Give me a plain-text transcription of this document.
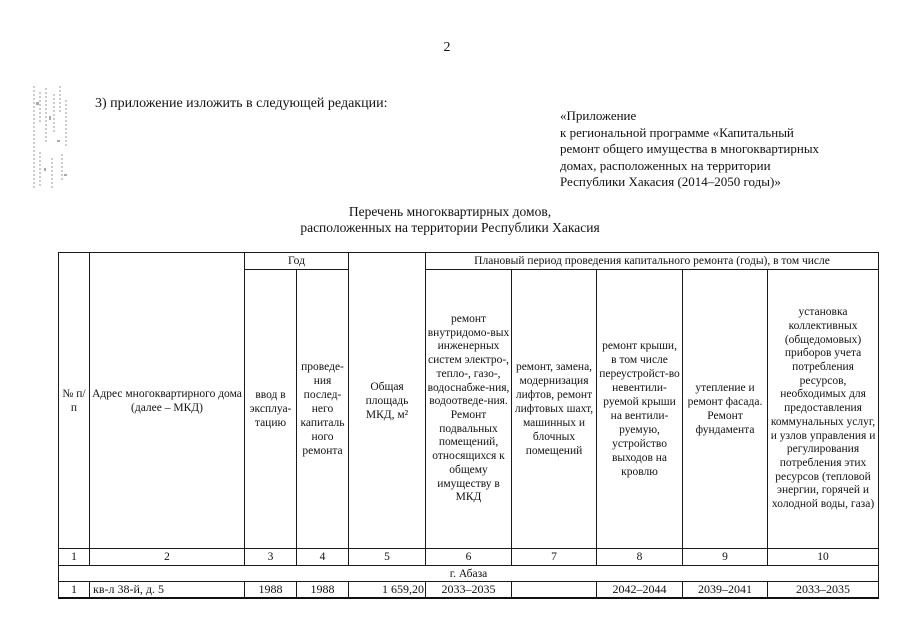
2
3) приложение изложить в следующей редакции:
«Приложение
к региональной программе «Капитальный
ремонт общего имущества в многоквартирных
домах, расположенных на территории
Республики Хакасия (2014–2050 годы)»
Перечень многоквартирных домов,
расположенных на территории Республики Хакасия
№ п/п	Адрес многоквартирного дома (далее – МКД)	Год		Общая площадь МКД, м²	Плановый период проведения капитального ремонта (годы), в том числе				
		ввод в эксплуа-тацию	проведе-ния послед-него капиталь ного ремонта		ремонт внутридомо-вых инженерных систем электро-, тепло-, газо-, водоснабже-ния, водоотведе-ния. Ремонт подвальных помещений, относящихся к общему имуществу в МКД	ремонт, замена, модернизация лифтов, ремонт лифтовых шахт, машинных и блочных помещений	ремонт крыши, в том числе переустройст-во невентили-руемой крыши на вентили-руемую, устройство выходов на кровлю	утепление и ремонт фасада. Ремонт фундамента	установка коллективных (общедомовых) приборов учета потребления ресурсов, необходимых для предоставления коммунальных услуг, и узлов управления и регулирования потребления этих ресурсов (тепловой энергии, горячей и холодной воды, газа)
1	2	3	4	5	6	7	8	9	10
г. Абаза									
1	кв-л 38-й, д. 5	1988	1988	1 659,20	2033–2035		2042–2044	2039–2041	2033–2035
